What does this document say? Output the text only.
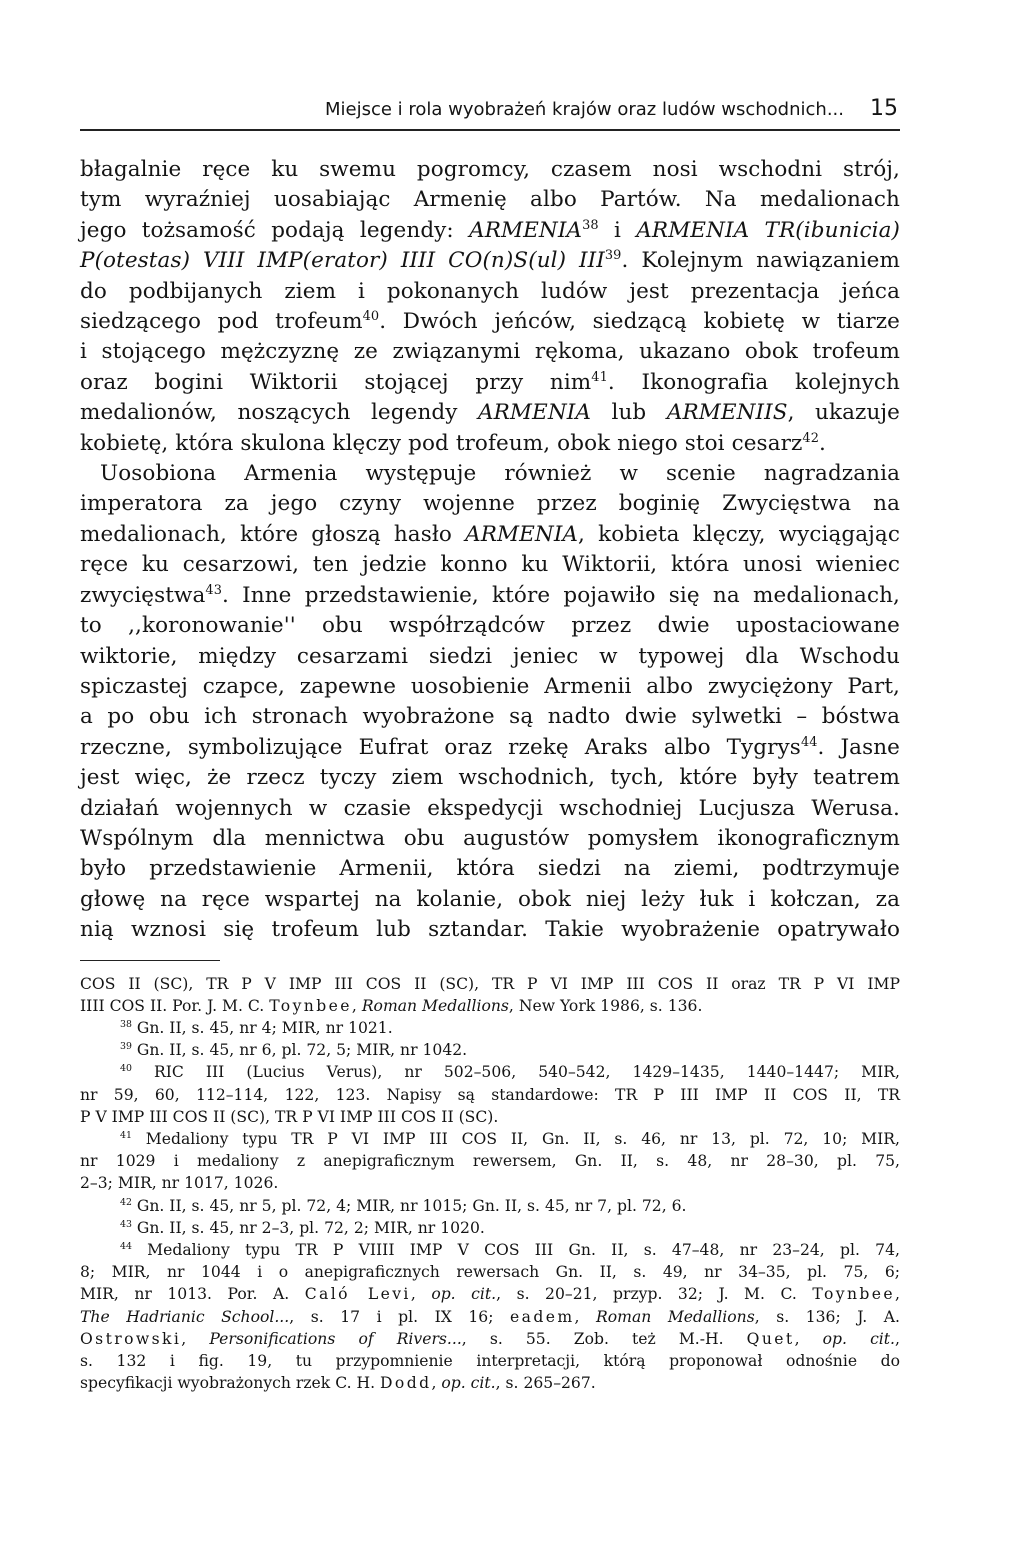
Miejsce i rola wyobrażeń krajów oraz ludów wschodnich... 15
błagalnie ręce ku swemu pogromcy, czasem nosi wschodni strój,
tym wyraźniej uosabiając Armenię albo Partów. Na medalionach
jego tożsamość podają legendy: ARMENIA$^{38}$ i ARMENIA TR(ibunicia)
P(otestas) VIII IMP(erator) IIII CO(n)S(ul) III$^{39}$. Kolejnym nawiązaniem
do podbijanych ziem i pokonanych ludów jest prezentacja jeńca
siedzącego pod trofeum$^{40}$. Dwóch jeńców, siedzącą kobietę w tiarze
i stojącego mężczyznę ze związanymi rękoma, ukazano obok trofeum
oraz bogini Wiktorii stojącej przy nim$^{41}$. Ikonografia kolejnych
medalionów, noszących legendy ARMENIA lub ARMENIIS, ukazuje
kobietę, która skulona klęczy pod trofeum, obok niego stoi cesarz$^{42}$.
Uosobiona Armenia występuje również w scenie nagradzania
imperatora za jego czyny wojenne przez boginię Zwycięstwa na
medalionach, które głoszą hasło ARMENIA, kobieta klęczy, wyciągając
ręce ku cesarzowi, ten jedzie konno ku Wiktorii, która unosi wieniec
zwycięstwa$^{43}$. Inne przedstawienie, które pojawiło się na medalionach,
to ,,koronowanie'' obu współrządców przez dwie upostaciowane
wiktorie, między cesarzami siedzi jeniec w typowej dla Wschodu
spiczastej czapce, zapewne uosobienie Armenii albo zwyciężony Part,
a po obu ich stronach wyobrażone są nadto dwie sylwetki – bóstwa
rzeczne, symbolizujące Eufrat oraz rzekę Araks albo Tygrys$^{44}$. Jasne
jest więc, że rzecz tyczy ziem wschodnich, tych, które były teatrem
działań wojennych w czasie ekspedycji wschodniej Lucjusza Werusa.
Wspólnym dla mennictwa obu augustów pomysłem ikonograficznym
było przedstawienie Armenii, która siedzi na ziemi, podtrzymuje
głowę na ręce wspartej na kolanie, obok niej leży łuk i kołczan, za
nią wznosi się trofeum lub sztandar. Takie wyobrażenie opatrywało
COS II (SC), TR P V IMP III COS II (SC), TR P VI IMP III COS II oraz TR P VI IMP
IIII COS II. Por. J. M. C. Toynbee, Roman Medallions, New York 1986, s. 136.
$^{38}$ Gn. II, s. 45, nr 4; MIR, nr 1021.
$^{39}$ Gn. II, s. 45, nr 6, pl. 72, 5; MIR, nr 1042.
$^{40}$ RIC III (Lucius Verus), nr 502–506, 540–542, 1429–1435, 1440–1447; MIR,
nr 59, 60, 112–114, 122, 123. Napisy są standardowe: TR P III IMP II COS II, TR
P V IMP III COS II (SC), TR P VI IMP III COS II (SC).
$^{41}$ Medaliony typu TR P VI IMP III COS II, Gn. II, s. 46, nr 13, pl. 72, 10; MIR,
nr 1029 i medaliony z anepigraficznym rewersem, Gn. II, s. 48, nr 28–30, pl. 75,
2–3; MIR, nr 1017, 1026.
$^{42}$ Gn. II, s. 45, nr 5, pl. 72, 4; MIR, nr 1015; Gn. II, s. 45, nr 7, pl. 72, 6.
$^{43}$ Gn. II, s. 45, nr 2–3, pl. 72, 2; MIR, nr 1020.
$^{44}$ Medaliony typu TR P VIIII IMP V COS III Gn. II, s. 47–48, nr 23–24, pl. 74,
8; MIR, nr 1044 i o anepigraficznych rewersach Gn. II, s. 49, nr 34–35, pl. 75, 6;
MIR, nr 1013. Por. A. Caló Levi, op. cit., s. 20–21, przyp. 32; J. M. C. Toynbee,
The Hadrianic School..., s. 17 i pl. IX 16; eadem, Roman Medallions, s. 136; J. A.
Ostrowski, Personifications of Rivers..., s. 55. Zob. też M.-H. Quet, op. cit.,
s. 132 i fig. 19, tu przypomnienie interpretacji, którą proponował odnośnie do
specyfikacji wyobrażonych rzek C. H. Dodd, op. cit., s. 265–267.
